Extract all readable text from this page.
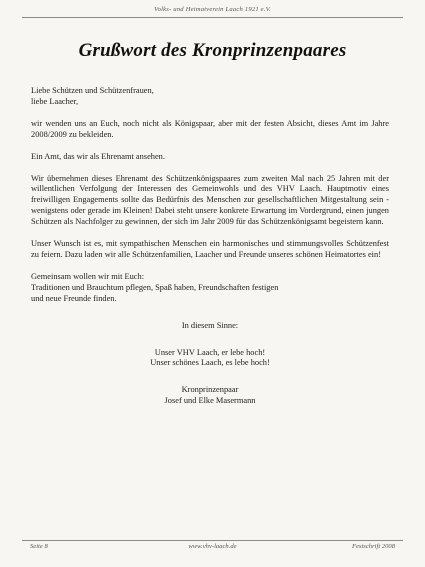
Volks- und Heimatverein Laach 1921 e.V.
Grußwort des Kronprinzenpaares

Liebe Schützen und Schützenfrauen,
liebe Laacher,

wir wenden uns an Euch, noch nicht als Königspaar, aber mit der festen Absicht, dieses Amt im Jahre 2008/2009 zu bekleiden.

Ein Amt, das wir als Ehrenamt ansehen.

Wir übernehmen dieses Ehrenamt des Schützenkönigspaares zum zweiten Mal nach 25 Jahren mit der willentlichen Verfolgung der Interessen des Gemeinwohls und des VHV Laach. Hauptmotiv eines freiwilligen Engagements sollte das Bedürfnis des Menschen zur gesellschaftlichen Mitgestaltung sein - wenigstens oder gerade im Kleinen! Dabei steht unsere konkrete Erwartung im Vordergrund, einen jungen Schützen als Nachfolger zu gewinnen, der sich im Jahr 2009 für das Schützenkönigsamt begeistern kann.

Unser Wunsch ist es, mit sympathischen Menschen ein harmonisches und stimmungsvolles Schützenfest zu feiern. Dazu laden wir alle Schützenfamilien, Laacher und Freunde unseres schönen Heimatortes ein!

Gemeinsam wollen wir mit Euch:
Traditionen und Brauchtum pflegen, Spaß haben, Freundschaften festigen
und neue Freunde finden.

In diesem Sinne:

Unser VHV Laach, er lebe hoch!
Unser schönes Laach, es lebe hoch!

Kronprinzenpaar
Josef und Elke Masermann

Seite 8	www.vhv-laach.de	Festschrift 2008
